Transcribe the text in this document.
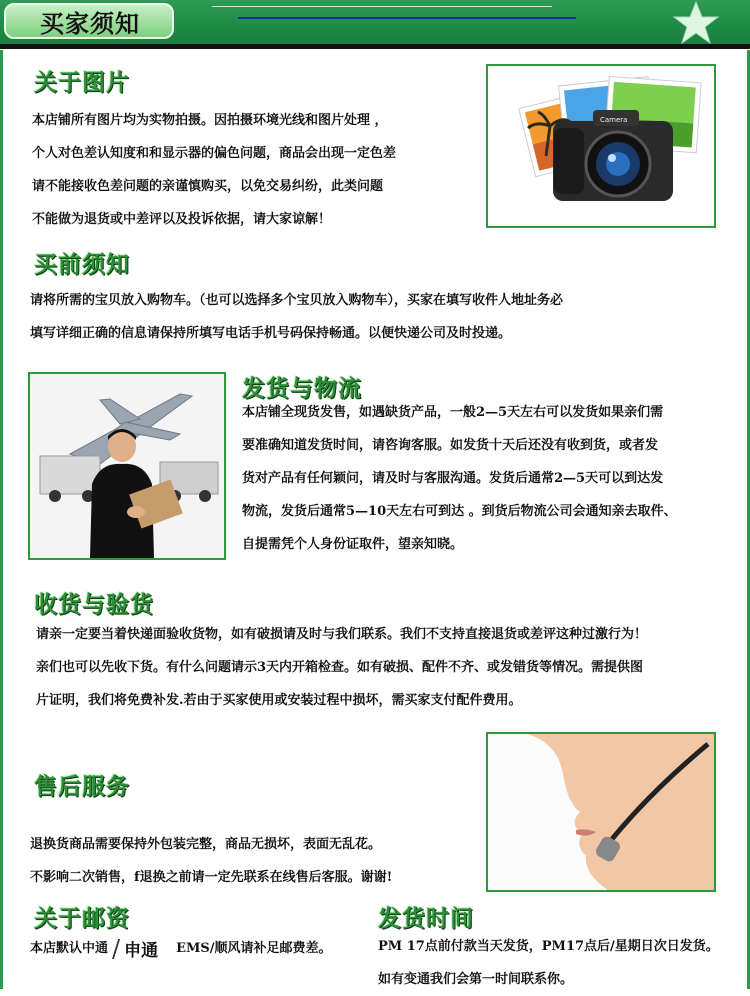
买家须知
关于图片
本店铺所有图片均为实物拍摄。因拍摄环境光线和图片处理 ，
个人对色差认知度和和显示器的偏色问题，商品会出现一定色差
请不能接收色差问题的亲谨慎购买，以免交易纠纷，此类问题
不能做为退货或中差评以及投诉依据，请大家谅解！
Camera
买前须知
请将所需的宝贝放入购物车。（也可以选择多个宝贝放入购物车），买家在填写收件人地址务必
填写详细正确的信息请保持所填写电话手机号码保持畅通。以便快递公司及时投递。
发货与物流
本店铺全现货发售，如遇缺货产品，一般2—5天左右可以发货如果亲们需
要准确知道发货时间，请咨询客服。如发货十天后还没有收到货，或者发
货对产品有任何颖问，请及时与客服沟通。发货后通常2—5天可以到达发
物流，发货后通常5—10天左右可到达 。到货后物流公司会通知亲去取件、
自提需凭个人身份证取件，望亲知晓。
收货与验货
请亲一定要当着快递面验收货物，如有破损请及时与我们联系。我们不支持直接退货或差评这种过激行为！
亲们也可以先收下货。有什么问题请示3天内开箱检查。如有破损、配件不齐、或发错货等情况。需提供图
片证明，我们将免费补发.若由于买家使用或安装过程中损坏，需买家支付配件费用。
售后服务
退换货商品需要保持外包装完整，商品无损坏，表面无乱花。
不影响二次销售，f退换之前请一定先联系在线售后客服。谢谢!
关于邮资
本店默认中通 / 申通 EMS/顺风请补足邮费差。
发货时间
PM 17点前付款当天发货，PM17点后/星期日次日发货。
如有变通我们会第一时间联系你。
